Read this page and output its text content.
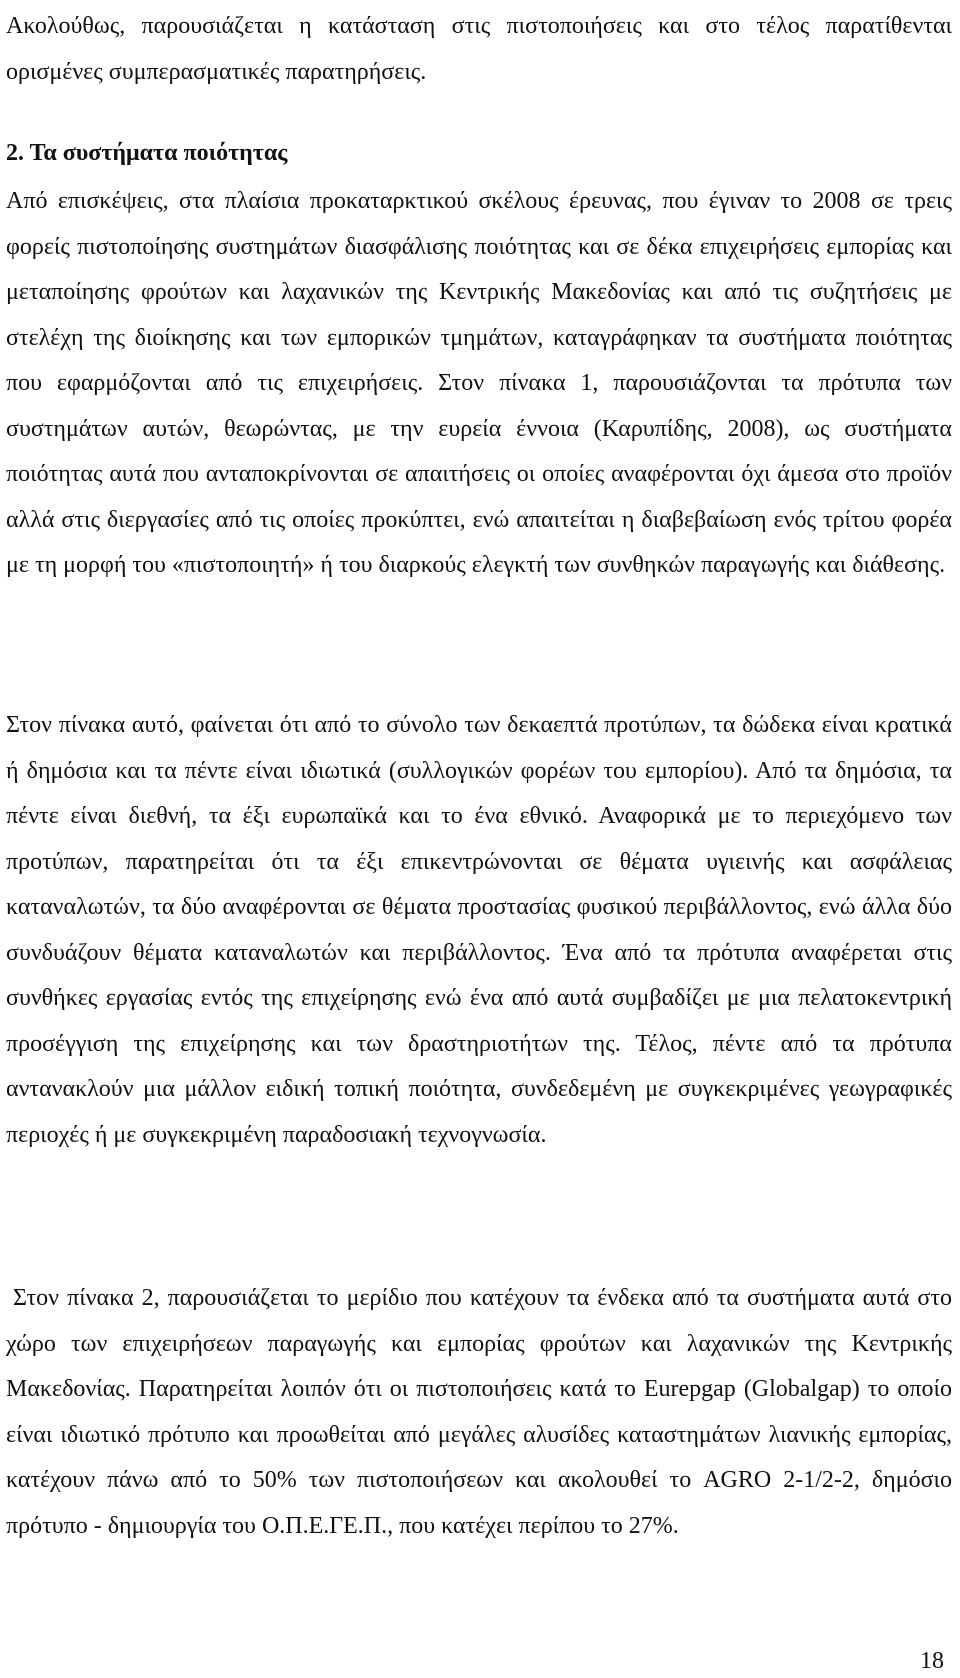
Ακολούθως, παρουσιάζεται η κατάσταση στις πιστοποιήσεις και στο τέλος παρατίθενται ορισμένες συμπερασματικές παρατηρήσεις.

2. Τα συστήματα ποιότητας

Από επισκέψεις, στα πλαίσια προκαταρκτικού σκέλους έρευνας, που έγιναν το 2008 σε τρεις φορείς πιστοποίησης συστημάτων διασφάλισης ποιότητας και σε δέκα επιχειρήσεις εμπορίας και μεταποίησης φρούτων και λαχανικών της Κεντρικής Μακεδονίας και από τις συζητήσεις με στελέχη της διοίκησης και των εμπορικών τμημάτων, καταγράφηκαν τα συστήματα ποιότητας που εφαρμόζονται από τις επιχειρήσεις. Στον πίνακα 1, παρουσιάζονται τα πρότυπα των συστημάτων αυτών, θεωρώντας, με την ευρεία έννοια (Καρυπίδης, 2008), ως συστήματα ποιότητας αυτά που ανταποκρίνονται σε απαιτήσεις οι οποίες αναφέρονται όχι άμεσα στο προϊόν αλλά στις διεργασίες από τις οποίες προκύπτει, ενώ απαιτείται η διαβεβαίωση ενός τρίτου φορέα με τη μορφή του «πιστοποιητή» ή του διαρκούς ελεγκτή των συνθηκών παραγωγής και διάθεσης.

Στον πίνακα αυτό, φαίνεται ότι από το σύνολο των δεκαεπτά προτύπων, τα δώδεκα είναι κρατικά ή δημόσια και τα πέντε είναι ιδιωτικά (συλλογικών φορέων του εμπορίου). Από τα δημόσια, τα πέντε είναι διεθνή, τα έξι ευρωπαϊκά και το ένα εθνικό. Αναφορικά με το περιεχόμενο των προτύπων, παρατηρείται ότι τα έξι επικεντρώνονται σε θέματα υγιεινής και ασφάλειας καταναλωτών, τα δύο αναφέρονται σε θέματα προστασίας φυσικού περιβάλλοντος, ενώ άλλα δύο συνδυάζουν θέματα καταναλωτών και περιβάλλοντος. Ένα από τα πρότυπα αναφέρεται στις συνθήκες εργασίας εντός της επιχείρησης ενώ ένα από αυτά συμβαδίζει με μια πελατοκεντρική προσέγγιση της επιχείρησης και των δραστηριοτήτων της. Τέλος, πέντε από τα πρότυπα αντανακλούν μια μάλλον ειδική τοπική ποιότητα, συνδεδεμένη με συγκεκριμένες γεωγραφικές περιοχές ή με συγκεκριμένη παραδοσιακή τεχνογνωσία.

Στον πίνακα 2, παρουσιάζεται το μερίδιο που κατέχουν τα ένδεκα από τα συστήματα αυτά στο χώρο των επιχειρήσεων παραγωγής και εμπορίας φρούτων και λαχανικών της Κεντρικής Μακεδονίας. Παρατηρείται λοιπόν ότι οι πιστοποιήσεις κατά το Eurepgap (Globalgap) το οποίο είναι ιδιωτικό πρότυπο και προωθείται από μεγάλες αλυσίδες καταστημάτων λιανικής εμπορίας, κατέχουν πάνω από το 50% των πιστοποιήσεων και ακολουθεί το AGRO 2-1/2-2, δημόσιο πρότυπο - δημιουργία του Ο.Π.Ε.ΓΕ.Π., που κατέχει περίπου το 27%.

18
